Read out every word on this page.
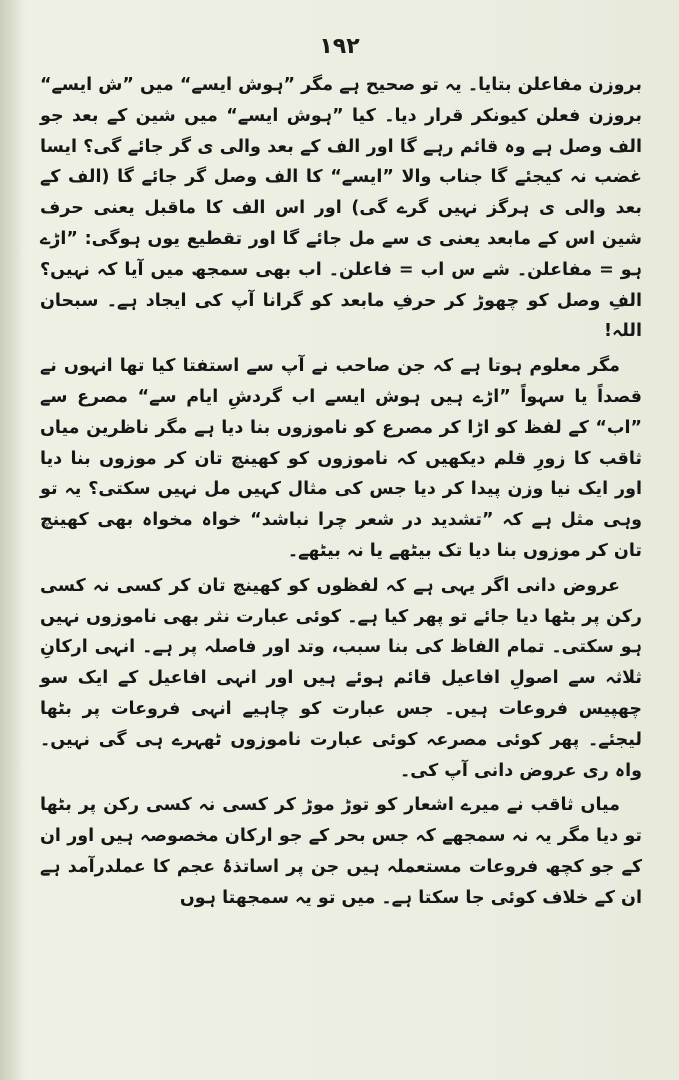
۱۹۲

بروزن مفاعلن بتایا۔ یہ تو صحیح ہے مگر ”ہوش ایسے“ میں ”ش ایسے“ بروزن فعلن کیونکر قرار دیا۔ کیا ”ہوش ایسے“ میں شین کے بعد جو الف وصل ہے وہ قائم رہے گا اور الف کے بعد والی ی گر جائے گی؟ ایسا غضب نہ کیجئے گا جناب والا ”ایسے“ کا الف وصل گر جائے گا (الف کے بعد والی ی ہرگز نہیں گرے گی) اور اس الف کا ماقبل یعنی حرف شین اس کے مابعد یعنی ی سے مل جائے گا اور تقطیع یوں ہوگی: ”اڑے ہو = مفاعلن۔ شے س اب = فاعلن۔ اب بھی سمجھ میں آیا کہ نہیں؟ الفِ وصل کو چھوڑ کر حرفِ مابعد کو گرانا آپ کی ایجاد ہے۔ سبحان اللہ!

مگر معلوم ہوتا ہے کہ جن صاحب نے آپ سے استفتا کیا تھا انہوں نے قصداً یا سہواً ”اڑے ہیں ہوش ایسے اب گردشِ ایام سے“ مصرع سے ”اب“ کے لفظ کو اڑا کر مصرع کو ناموزوں بنا دیا ہے مگر ناظرین میاں ثاقب کا زورِ قلم دیکھیں کہ ناموزوں کو کھینچ تان کر موزوں بنا دیا اور ایک نیا وزن پیدا کر دیا جس کی مثال کہیں مل نہیں سکتی؟ یہ تو وہی مثل ہے کہ ”تشدید در شعر چرا نباشد“ خواہ مخواہ بھی کھینچ تان کر موزوں بنا دیا تک بیٹھے یا نہ بیٹھے۔

عروض دانی اگر یہی ہے کہ لفظوں کو کھینچ تان کر کسی نہ کسی رکن پر بٹھا دیا جائے تو پھر کیا ہے۔ کوئی عبارت نثر بھی ناموزوں نہیں ہو سکتی۔ تمام الفاظ کی بنا سبب، وتد اور فاصلہ پر ہے۔ انہی ارکانِ ثلاثہ سے اصولِ افاعیل قائم ہوئے ہیں اور انہی افاعیل کے ایک سو چھپیس فروعات ہیں۔ جس عبارت کو چاہیے انہی فروعات پر بٹھا لیجئے۔ پھر کوئی مصرعہ کوئی عبارت ناموزوں ٹھہرے ہی گی نہیں۔ واہ ری عروض دانی آپ کی۔

میاں ثاقب نے میرے اشعار کو توڑ موڑ کر کسی نہ کسی رکن پر بٹھا تو دیا مگر یہ نہ سمجھے کہ جس بحر کے جو ارکان مخصوصہ ہیں اور ان کے جو کچھ فروعات مستعملہ ہیں جن پر اساتذۂ عجم کا عملدرآمد ہے ان کے خلاف کوئی جا سکتا ہے۔ میں تو یہ سمجھتا ہوں
